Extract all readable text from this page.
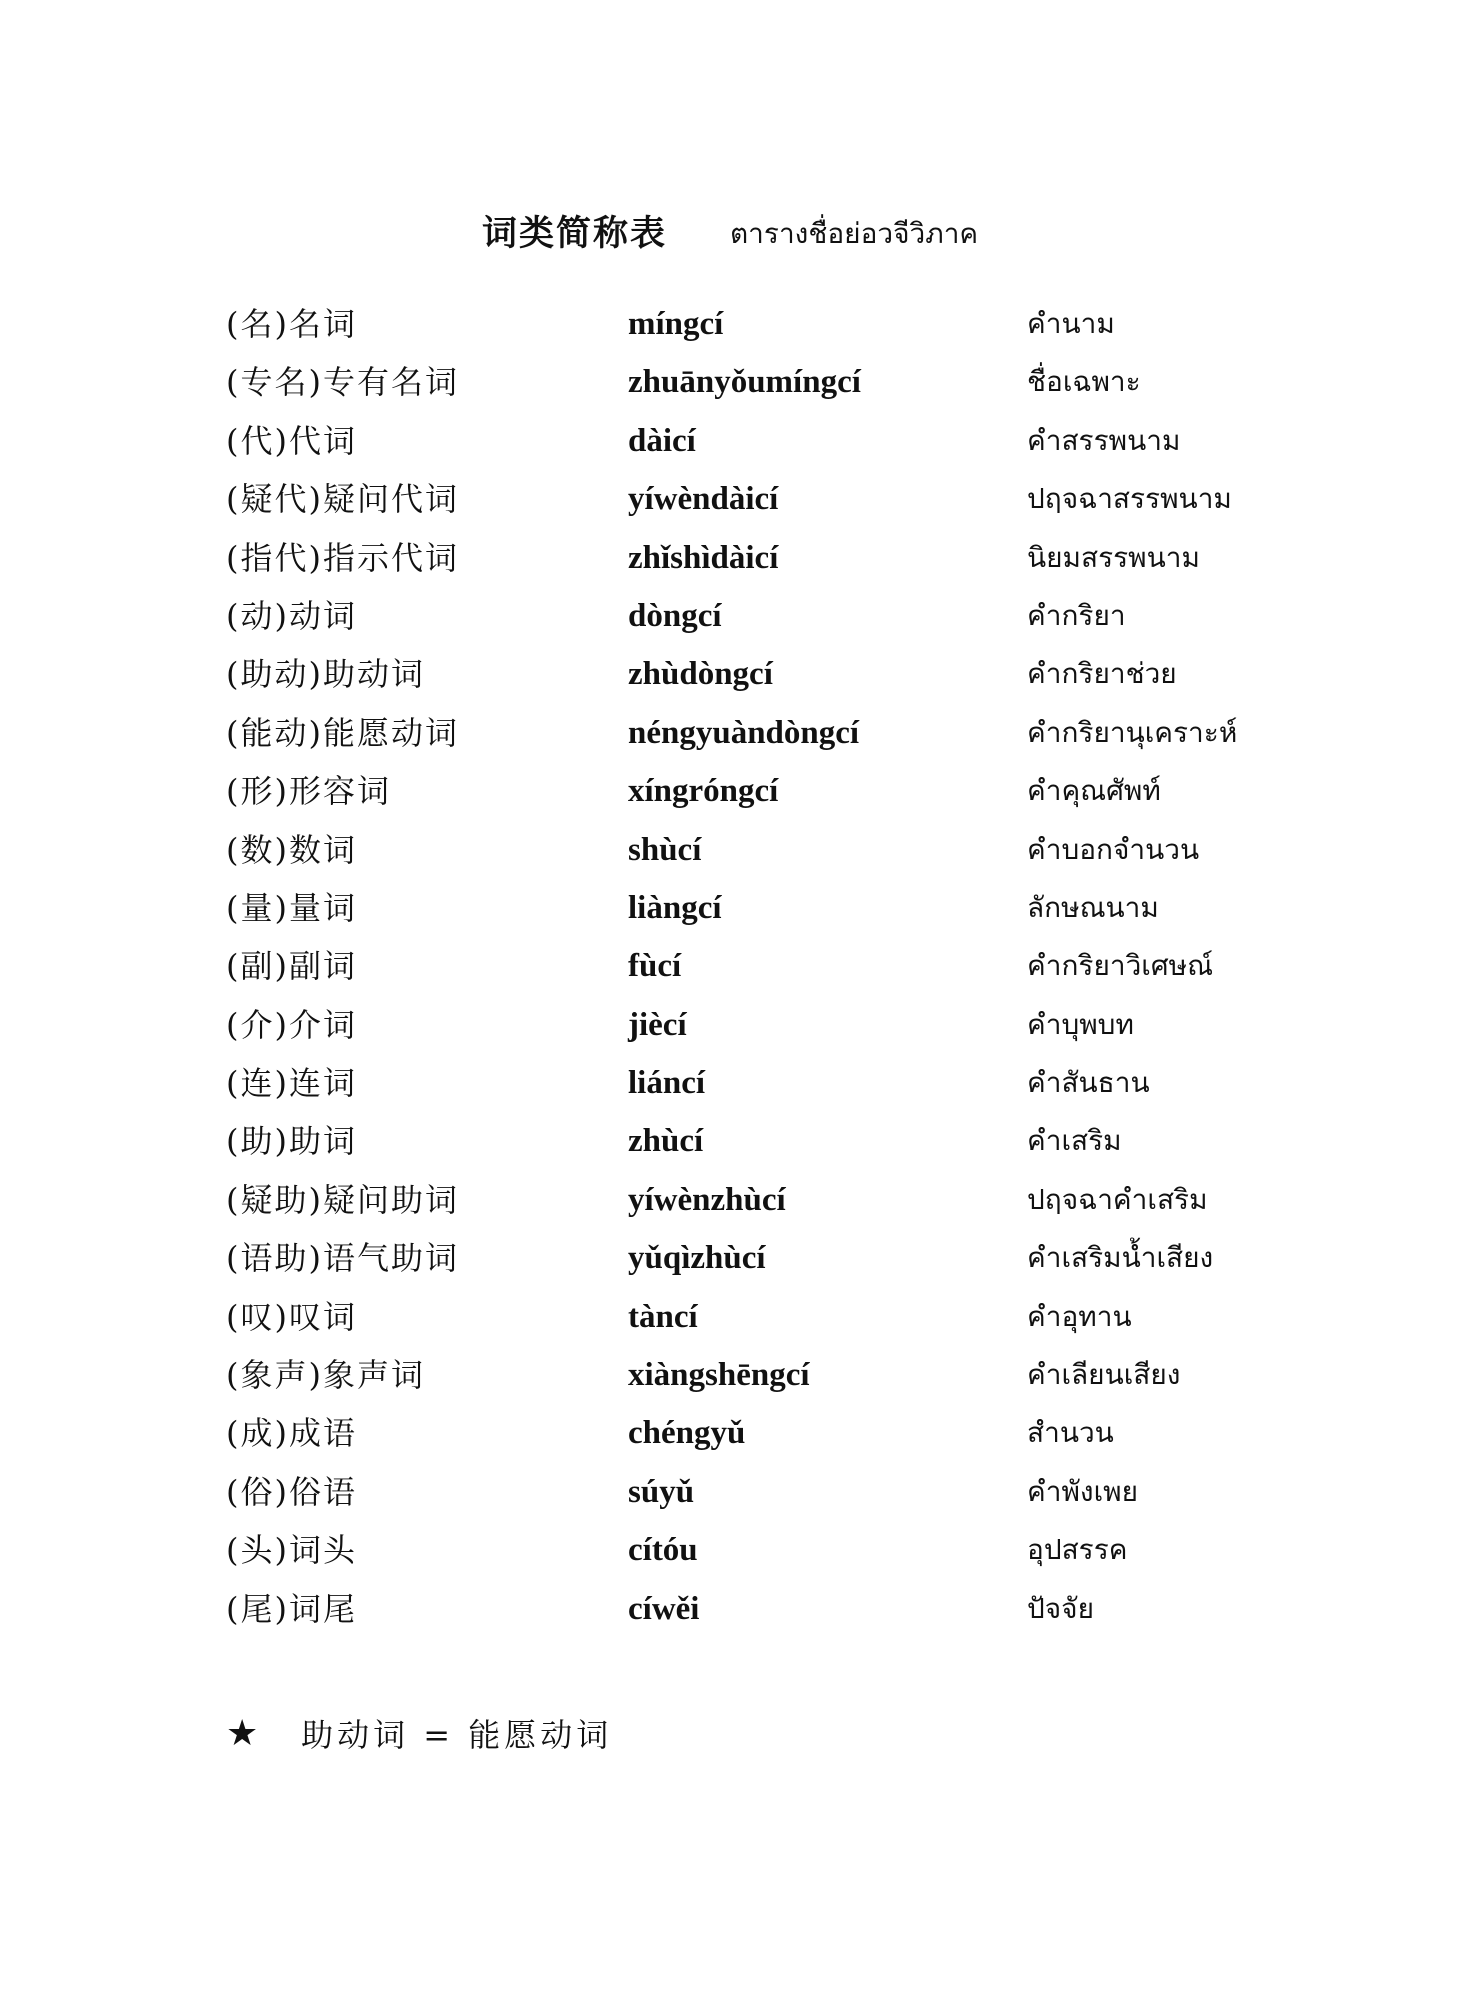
词类简称表 ตารางชื่อย่อวจีวิภาค
(名)名词	míngcí	คำนาม
(专名)专有名词	zhuānyǒumíngcí	ชื่อเฉพาะ
(代)代词	dàicí	คำสรรพนาม
(疑代)疑问代词	yíwèndàicí	ปฤจฉาสรรพนาม
(指代)指示代词	zhǐshìdàicí	นิยมสรรพนาม
(动)动词	dòngcí	คำกริยา
(助动)助动词	zhùdòngcí	คำกริยาช่วย
(能动)能愿动词	néngyuàndòngcí	คำกริยานุเคราะห์
(形)形容词	xíngróngcí	คำคุณศัพท์
(数)数词	shùcí	คำบอกจำนวน
(量)量词	liàngcí	ลักษณนาม
(副)副词	fùcí	คำกริยาวิเศษณ์
(介)介词	jiècí	คำบุพบท
(连)连词	liáncí	คำสันธาน
(助)助词	zhùcí	คำเสริม
(疑助)疑问助词	yíwènzhùcí	ปฤจฉาคำเสริม
(语助)语气助词	yǔqìzhùcí	คำเสริมน้ำเสียง
(叹)叹词	tàncí	คำอุทาน
(象声)象声词	xiàngshēngcí	คำเลียนเสียง
(成)成语	chéngyǔ	สำนวน
(俗)俗语	súyǔ	คำพังเพย
(头)词头	cítóu	อุปสรรค
(尾)词尾	cíwěi	ปัจจัย
★ 助动词 = 能愿动词
